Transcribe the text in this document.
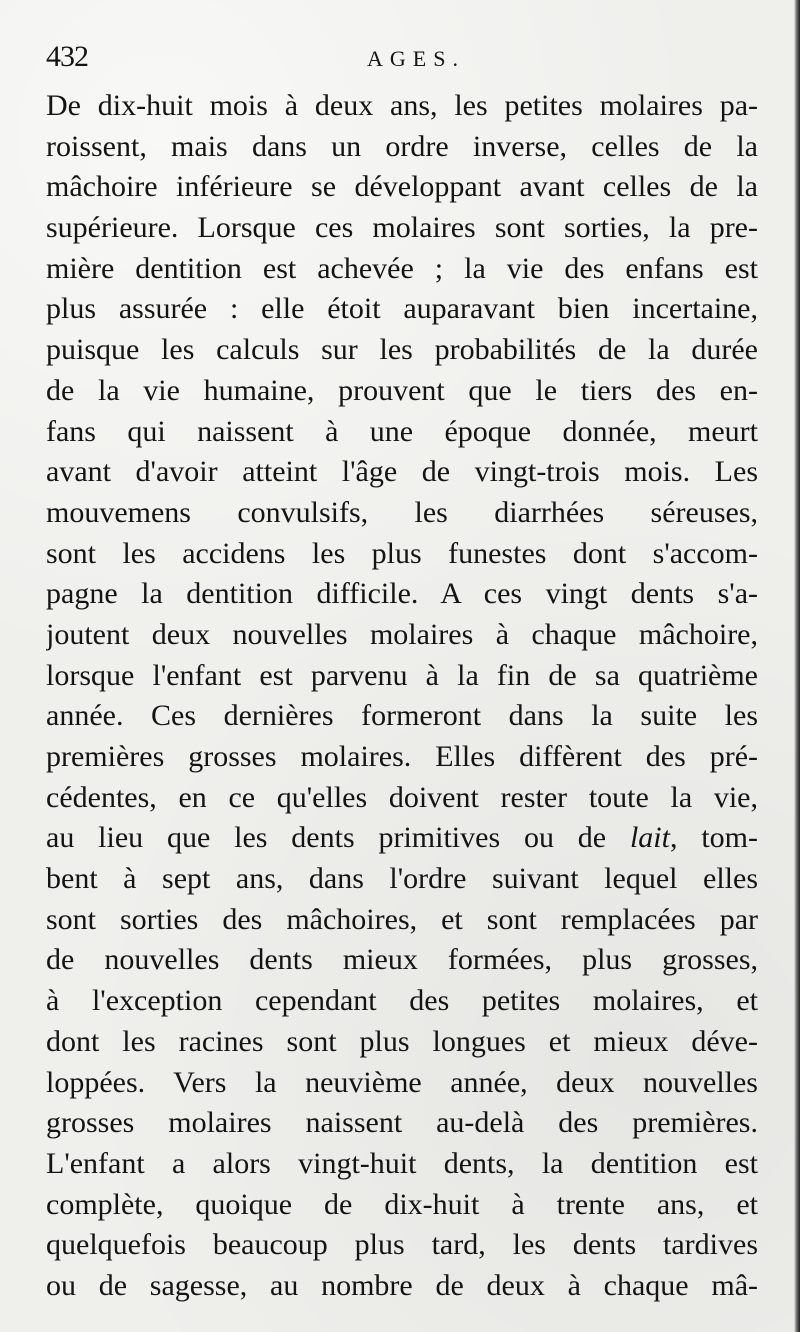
432	AGES.
De dix-huit mois à deux ans, les petites molaires pa-
roissent, mais dans un ordre inverse, celles de la
mâchoire inférieure se développant avant celles de la
supérieure. Lorsque ces molaires sont sorties, la pre-
mière dentition est achevée ; la vie des enfans est
plus assurée : elle étoit auparavant bien incertaine,
puisque les calculs sur les probabilités de la durée
de la vie humaine, prouvent que le tiers des en-
fans qui naissent à une époque donnée, meurt
avant d'avoir atteint l'âge de vingt-trois mois. Les
mouvemens convulsifs, les diarrhées séreuses,
sont les accidens les plus funestes dont s'accom-
pagne la dentition difficile. A ces vingt dents s'a-
joutent deux nouvelles molaires à chaque mâchoire,
lorsque l'enfant est parvenu à la fin de sa quatrième
année. Ces dernières formeront dans la suite les
premières grosses molaires. Elles diffèrent des pré-
cédentes, en ce qu'elles doivent rester toute la vie,
au lieu que les dents primitives ou de lait, tom-
bent à sept ans, dans l'ordre suivant lequel elles
sont sorties des mâchoires, et sont remplacées par
de nouvelles dents mieux formées, plus grosses,
à l'exception cependant des petites molaires, et
dont les racines sont plus longues et mieux déve-
loppées. Vers la neuvième année, deux nouvelles
grosses molaires naissent au-delà des premières.
L'enfant a alors vingt-huit dents, la dentition est
complète, quoique de dix-huit à trente ans, et
quelquefois beaucoup plus tard, les dents tardives
ou de sagesse, au nombre de deux à chaque mâ-
